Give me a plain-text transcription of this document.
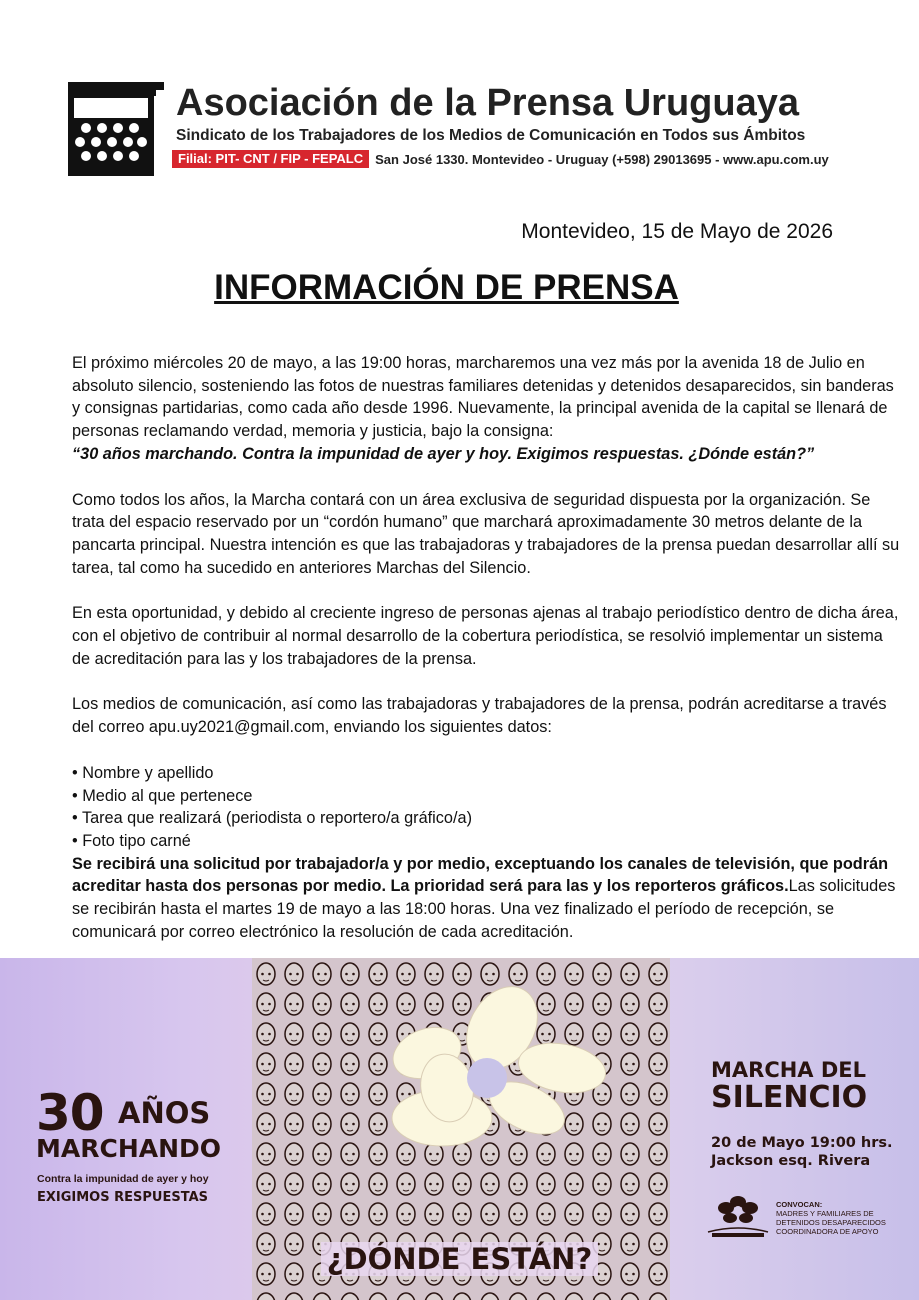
Asociación de la Prensa Uruguaya
Sindicato de los Trabajadores de los Medios de Comunicación en Todos sus Ámbitos
Filial: PIT- CNT / FIP - FEPALC San José 1330. Montevideo - Uruguay (+598) 29013695 - www.apu.com.uy
Montevideo, 15 de Mayo de 2026
INFORMACIÓN DE PRENSA

El próximo miércoles 20 de mayo, a las 19:00 horas, marcharemos una vez más por la avenida 18 de Julio en absoluto silencio, sosteniendo las fotos de nuestras familiares detenidas y detenidos desaparecidos, sin banderas y consignas partidarias, como cada año desde 1996. Nuevamente, la principal avenida de la capital se llenará de personas reclamando verdad, memoria y justicia, bajo la consigna:
“30 años marchando. Contra la impunidad de ayer y hoy. Exigimos respuestas. ¿Dónde están?”

Como todos los años, la Marcha contará con un área exclusiva de seguridad dispuesta por la organización. Se trata del espacio reservado por un “cordón humano” que marchará aproximadamente 30 metros delante de la pancarta principal. Nuestra intención es que las trabajadoras y trabajadores de la prensa puedan desarrollar allí su tarea, tal como ha sucedido en anteriores Marchas del Silencio.

En esta oportunidad, y debido al creciente ingreso de personas ajenas al trabajo periodístico dentro de dicha área, con el objetivo de contribuir al normal desarrollo de la cobertura periodística, se resolvió implementar un sistema de acreditación para las y los trabajadores de la prensa.

Los medios de comunicación, así como las trabajadoras y trabajadores de la prensa, podrán acreditarse a través del correo apu.uy2021@gmail.com, enviando los siguientes datos:

• Nombre y apellido
• Medio al que pertenece
• Tarea que realizará (periodista o reportero/a gráfico/a)
• Foto tipo carné

Se recibirá una solicitud por trabajador/a y por medio, exceptuando los canales de televisión, que podrán acreditar hasta dos personas por medio. La prioridad será para las y los reporteros gráficos.Las solicitudes se recibirán hasta el martes 19 de mayo a las 18:00 horas. Una vez finalizado el período de recepción, se comunicará por correo electrónico la resolución de cada acreditación.

30 AÑOS
MARCHANDO
Contra la impunidad de ayer y hoy
EXIGIMOS RESPUESTAS
MARCHA DEL
SILENCIO
20 de Mayo 19:00 hrs.
Jackson esq. Rivera
CONVOCAN:
MADRES Y FAMILIARES DE
DETENIDOS DESAPARECIDOS
COORDINADORA DE APOYO
¿DÓNDE ESTÁN?
